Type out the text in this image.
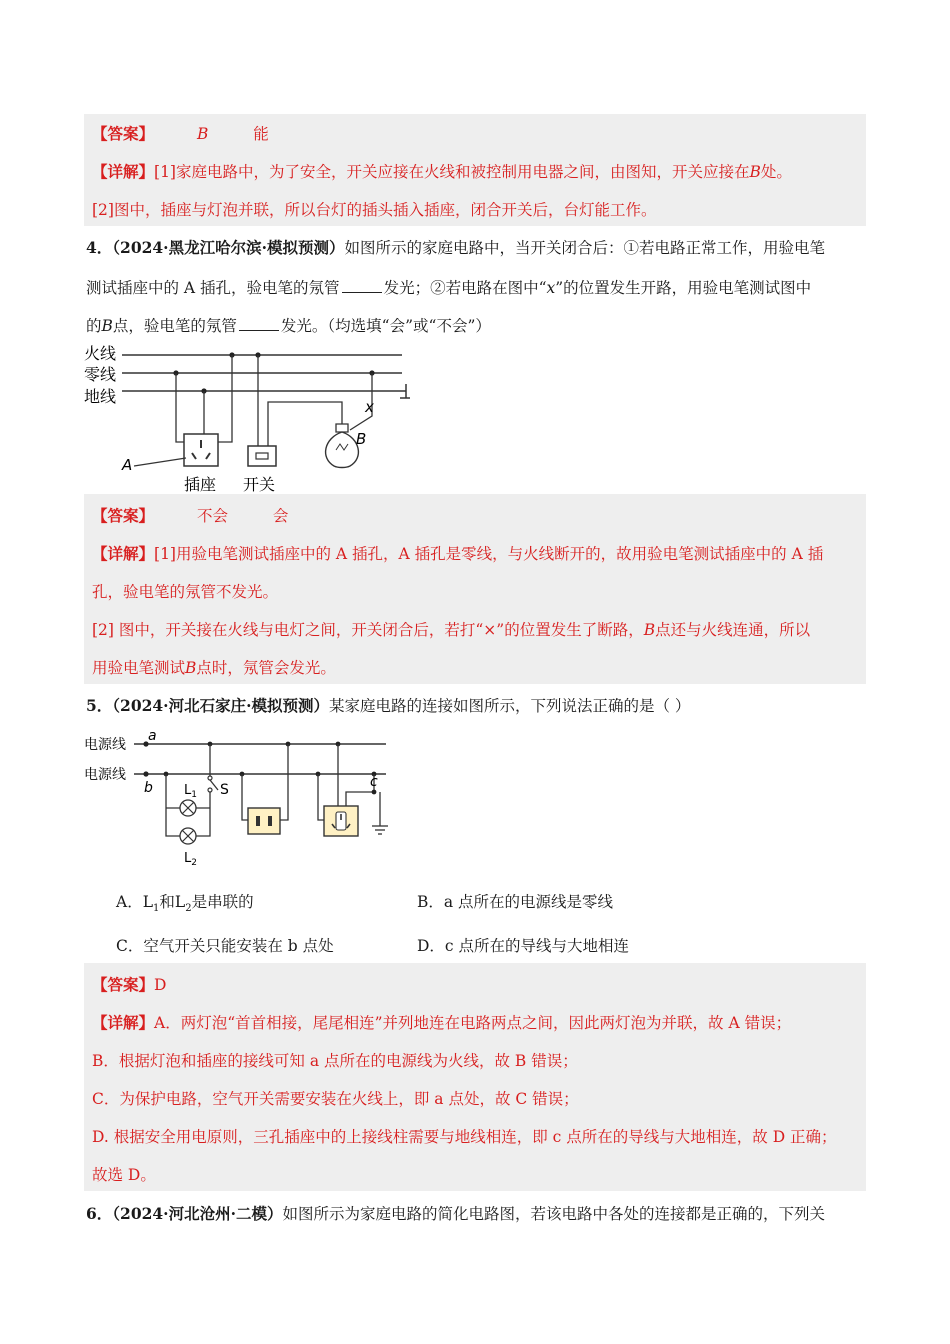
【答案】	B	能
【详解】[1]家庭电路中，为了安全，开关应接在火线和被控制用电器之间，由图知，开关应接在B处。
[2]图中，插座与灯泡并联，所以台灯的插头插入插座，闭合开关后，台灯能工作。
4．（2024·黑龙江哈尔滨·模拟预测）如图所示的家庭电路中，当开关闭合后：①若电路正常工作，用验电笔
测试插座中的 A 插孔，验电笔的氖管	发光；②若电路在图中“x”的位置发生开路，用验电笔测试图中
的B点，验电笔的氖管	发光。（均选填“会”或“不会”）
火线
零线
地线
x
B
A
插座 开关
【答案】	不会	会
【详解】[1]用验电笔测试插座中的 A 插孔，A 插孔是零线，与火线断开的，故用验电笔测试插座中的 A 插
孔，验电笔的氖管不发光。
[2] 图中，开关接在火线与电灯之间，开关闭合后，若打“×”的位置发生了断路，B点还与火线连通，所以
用验电笔测试B点时，氖管会发光。
5．（2024·河北石家庄·模拟预测）某家庭电路的连接如图所示，下列说法正确的是（ ）
电源线
电源线
a
b $L_1$
$L_2$
S	c
A．$L_1$和$L_2$是串联的	B．a 点所在的电源线是零线
C．空气开关只能安装在 b 点处	D．c 点所在的导线与大地相连
【答案】D
【详解】A．两灯泡“首首相接，尾尾相连”并列地连在电路两点之间，因此两灯泡为并联，故 A 错误；
B．根据灯泡和插座的接线可知 a 点所在的电源线为火线，故 B 错误；
C．为保护电路，空气开关需要安装在火线上，即 a 点处，故 C 错误；
D. 根据安全用电原则，三孔插座中的上接线柱需要与地线相连，即 c 点所在的导线与大地相连，故 D 正确；
故选 D。
6．（2024·河北沧州·二模）如图所示为家庭电路的简化电路图，若该电路中各处的连接都是正确的，下列关
